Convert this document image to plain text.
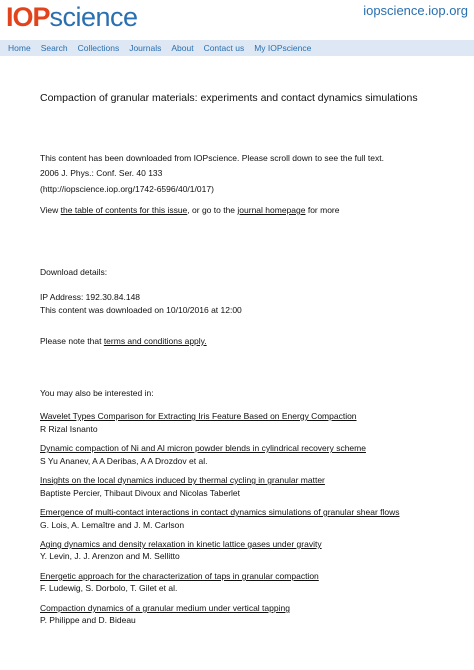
IOP science	iopscience.iop.org
Home Search Collections Journals About Contact us My IOPscience
Compaction of granular materials: experiments and contact dynamics simulations
This content has been downloaded from IOPscience. Please scroll down to see the full text.
2006 J. Phys.: Conf. Ser. 40 133
(http://iopscience.iop.org/1742-6596/40/1/017)
View the table of contents for this issue, or go to the journal homepage for more
Download details:
IP Address: 192.30.84.148
This content was downloaded on 10/10/2016 at 12:00
Please note that terms and conditions apply.
You may also be interested in:
Wavelet Types Comparison for Extracting Iris Feature Based on Energy Compaction
R Rizal Isnanto
Dynamic compaction of Ni and Al micron powder blends in cylindrical recovery scheme
S Yu Ananev, A A Deribas, A A Drozdov et al.
Insights on the local dynamics induced by thermal cycling in granular matter
Baptiste Percier, Thibaut Divoux and Nicolas Taberlet
Emergence of multi-contact interactions in contact dynamics simulations of granular shear flows
G. Lois, A. Lemaître and J. M. Carlson
Aging dynamics and density relaxation in kinetic lattice gases under gravity
Y. Levin, J. J. Arenzon and M. Sellitto
Energetic approach for the characterization of taps in granular compaction
F. Ludewig, S. Dorbolo, T. Gilet et al.
Compaction dynamics of a granular medium under vertical tapping
P. Philippe and D. Bideau
